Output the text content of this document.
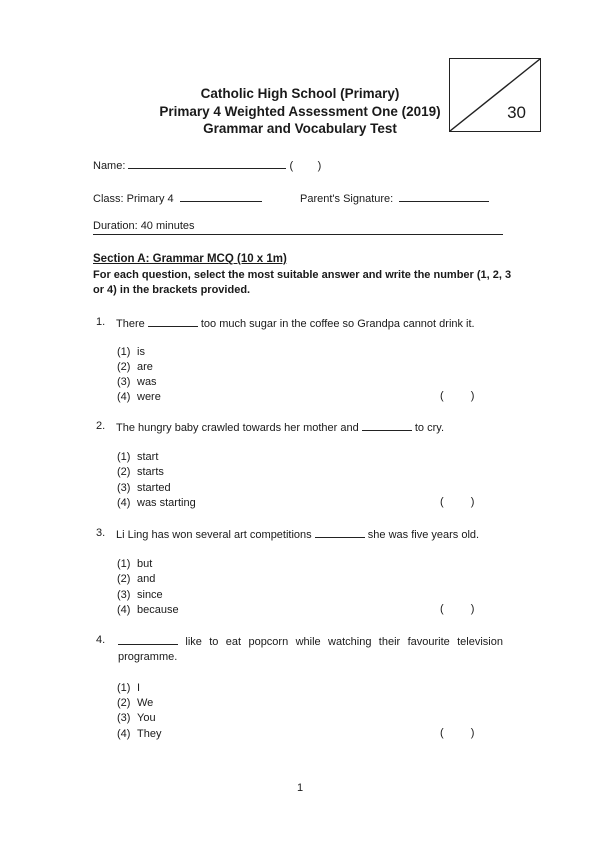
Catholic High School (Primary)
Primary 4 Weighted Assessment One (2019)
Grammar and Vocabulary Test
30
Name:	(        )
Class: Primary 4	Parent's Signature:
Duration: 40 minutes
Section A: Grammar MCQ (10 x 1m)
For each question, select the most suitable answer and write the number (1, 2, 3 or 4) in the brackets provided.
1. There	too much sugar in the coffee so Grandpa cannot drink it.
(1) is
(2) are
(3) was
(4) were	( )
2. The hungry baby crawled towards her mother and	to cry.
(1) start
(2) starts
(3) started
(4) was starting	( )
3. Li Ling has won several art competitions	she was five years old.
(1) but
(2) and
(3) since
(4) because	( )
4.	like to eat popcorn while watching their favourite television
programme.
(1) I
(2) We
(3) You
(4) They	( )
1
